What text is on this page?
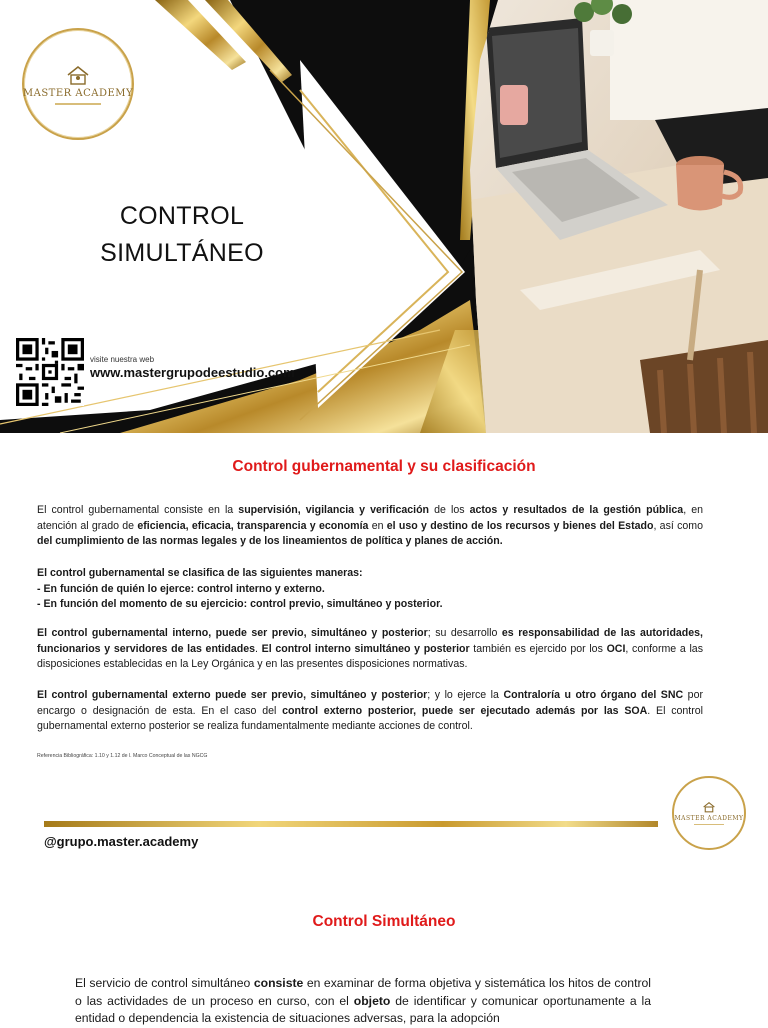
MASTER ACADEMY
CONTROL
SIMULTÁNEO
visite nuestra web
www.mastergrupodeestudio.com
Control gubernamental y su clasificación

El control gubernamental consiste en la supervisión, vigilancia y verificación de los actos y resultados de la gestión pública, en atención al grado de eficiencia, eficacia, transparencia y economía en el uso y destino de los recursos y bienes del Estado, así como del cumplimiento de las normas legales y de los lineamientos de política y planes de acción.

El control gubernamental se clasifica de las siguientes maneras:
- En función de quién lo ejerce: control interno y externo.
- En función del momento de su ejercicio: control previo, simultáneo y posterior.

El control gubernamental interno, puede ser previo, simultáneo y posterior; su desarrollo es responsabilidad de las autoridades, funcionarios y servidores de las entidades. El control interno simultáneo y posterior también es ejercido por los OCI, conforme a las disposiciones establecidas en la Ley Orgánica y en las presentes disposiciones normativas.

El control gubernamental externo puede ser previo, simultáneo y posterior; y lo ejerce la Contraloría u otro órgano del SNC por encargo o designación de esta. En el caso del control externo posterior, puede ser ejecutado además por las SOA. El control gubernamental externo posterior se realiza fundamentalmente mediante acciones de control.

Referencia Bibliográfica: 1.10 y 1.12 de l. Marco Conceptual de las NGCG
MASTER ACADEMY
@grupo.master.academy
Control Simultáneo

El servicio de control simultáneo consiste en examinar de forma objetiva y sistemática los hitos de control o las actividades de un proceso en curso, con el objeto de identificar y comunicar oportunamente a la entidad o dependencia la existencia de situaciones adversas, para la adopción
